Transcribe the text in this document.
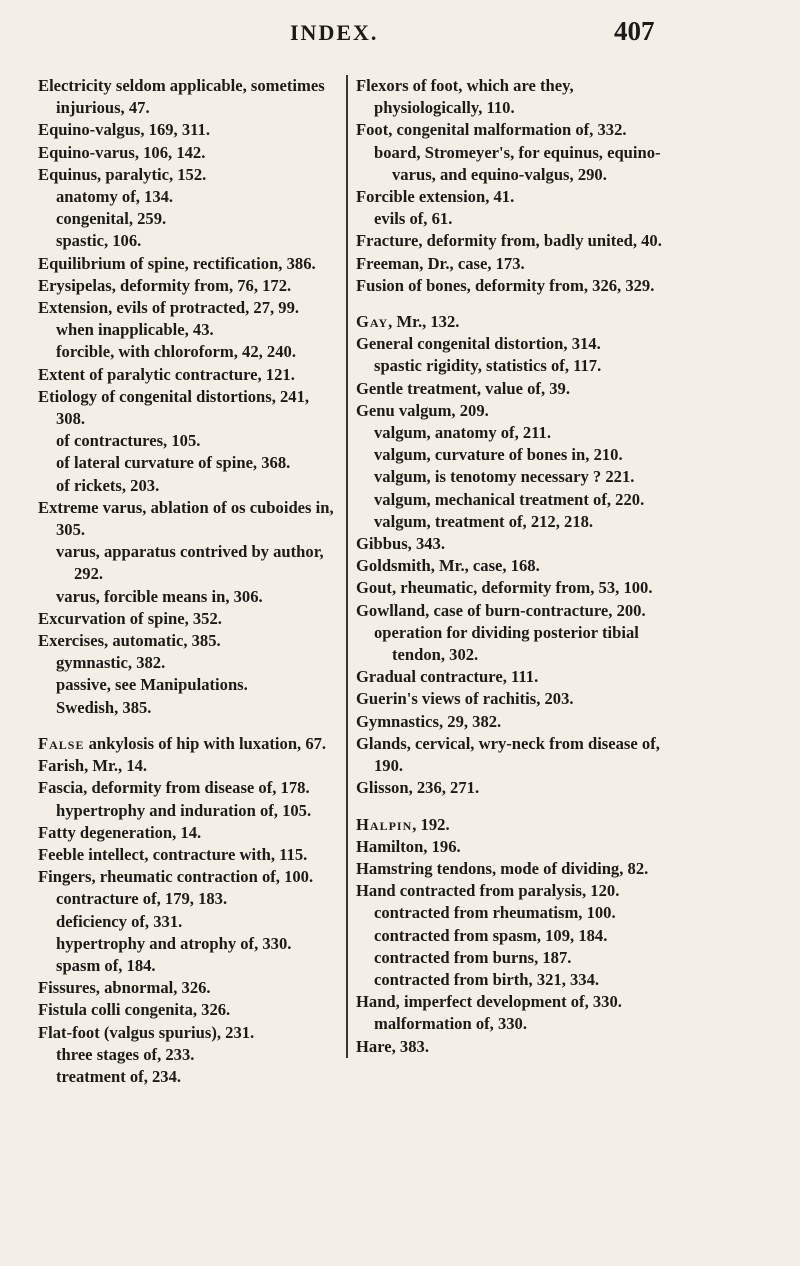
INDEX.	407
Electricity seldom applicable, sometimes injurious, 47.
Equino-valgus, 169, 311.
Equino-varus, 106, 142.
Equinus, paralytic, 152.
anatomy of, 134.
congenital, 259.
spastic, 106.
Equilibrium of spine, rectification, 386.
Erysipelas, deformity from, 76, 172.
Extension, evils of protracted, 27, 99.
when inapplicable, 43.
forcible, with chloroform, 42, 240.
Extent of paralytic contracture, 121.
Etiology of congenital distortions, 241, 308.
of contractures, 105.
of lateral curvature of spine, 368.
of rickets, 203.
Extreme varus, ablation of os cuboides in, 305.
varus, apparatus contrived by author, 292.
varus, forcible means in, 306.
Excurvation of spine, 352.
Exercises, automatic, 385.
gymnastic, 382.
passive, see Manipulations.
Swedish, 385.
False ankylosis of hip with luxation, 67.
Farish, Mr., 14.
Fascia, deformity from disease of, 178.
hypertrophy and induration of, 105.
Fatty degeneration, 14.
Feeble intellect, contracture with, 115.
Fingers, rheumatic contraction of, 100.
contracture of, 179, 183.
deficiency of, 331.
hypertrophy and atrophy of, 330.
spasm of, 184.
Fissures, abnormal, 326.
Fistula colli congenita, 326.
Flat-foot (valgus spurius), 231.
three stages of, 233.
treatment of, 234.
Flexors of foot, which are they, physiologically, 110.
Foot, congenital malformation of, 332.
board, Stromeyer's, for equinus, equino-varus, and equino-valgus, 290.
Forcible extension, 41.
evils of, 61.
Fracture, deformity from, badly united, 40.
Freeman, Dr., case, 173.
Fusion of bones, deformity from, 326, 329.
Gay, Mr., 132.
General congenital distortion, 314.
spastic rigidity, statistics of, 117.
Gentle treatment, value of, 39.
Genu valgum, 209.
valgum, anatomy of, 211.
valgum, curvature of bones in, 210.
valgum, is tenotomy necessary ? 221.
valgum, mechanical treatment of, 220.
valgum, treatment of, 212, 218.
Gibbus, 343.
Goldsmith, Mr., case, 168.
Gout, rheumatic, deformity from, 53, 100.
Gowlland, case of burn-contracture, 200.
operation for dividing posterior tibial tendon, 302.
Gradual contracture, 111.
Guerin's views of rachitis, 203.
Gymnastics, 29, 382.
Glands, cervical, wry-neck from disease of, 190.
Glisson, 236, 271.
Halpin, 192.
Hamilton, 196.
Hamstring tendons, mode of dividing, 82.
Hand contracted from paralysis, 120.
contracted from rheumatism, 100.
contracted from spasm, 109, 184.
contracted from burns, 187.
contracted from birth, 321, 334.
Hand, imperfect development of, 330.
malformation of, 330.
Hare, 383.
